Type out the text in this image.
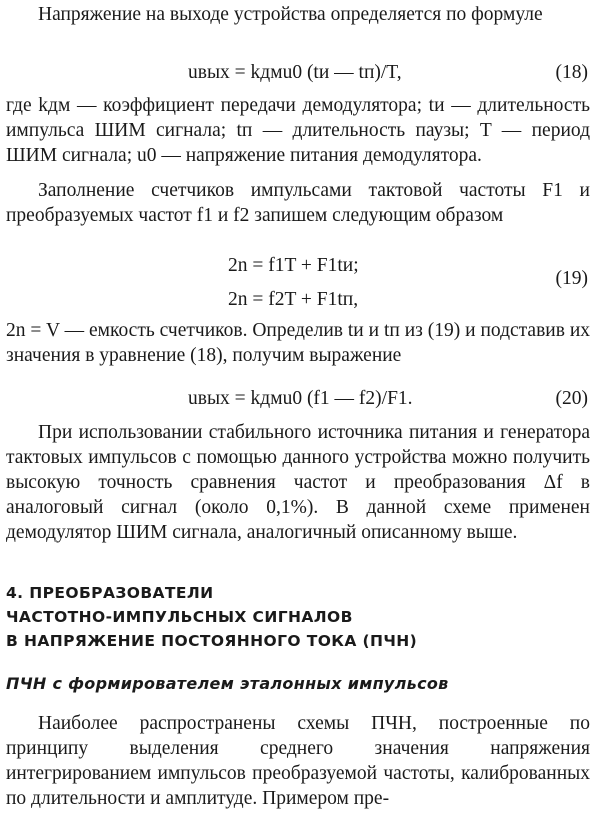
Напряжение на выходе устройства определяется по формуле

uвых = kдмu0 (tи — tп)/T,	(18)

где kдм — коэффициент передачи демодулятора; tи — длительность импульса ШИМ сигнала; tп — длительность паузы; T — период ШИМ сигнала; u0 — напряжение питания демодулятора.

Заполнение счетчиков импульсами тактовой частоты F1 и преобразуемых частот f1 и f2 запишем следующим образом

2n = f1T + F1tи;
2n = f2T + F1tп,
(19)

2n = V — емкость счетчиков. Определив tи и tп из (19) и подставив их значения в уравнение (18), получим выражение

uвых = kдмu0 (f1 — f2)/F1.	(20)

При использовании стабильного источника питания и генератора тактовых импульсов с помощью данного устройства можно получить высокую точность сравнения частот и преобразования Δf в аналоговый сигнал (около 0,1%). В данной схеме применен демодулятор ШИМ сигнала, аналогичный описанному выше.

4. ПРЕОБРАЗОВАТЕЛИ
ЧАСТОТНО-ИМПУЛЬСНЫХ СИГНАЛОВ
В НАПРЯЖЕНИЕ ПОСТОЯННОГО ТОКА (ПЧН)
ПЧН с формирователем эталонных импульсов

Наиболее распространены схемы ПЧН, построенные по принципу выделения среднего значения напряжения интегрированием импульсов преобразуемой частоты, калиброванных по длительности и амплитуде. Примером пре-
